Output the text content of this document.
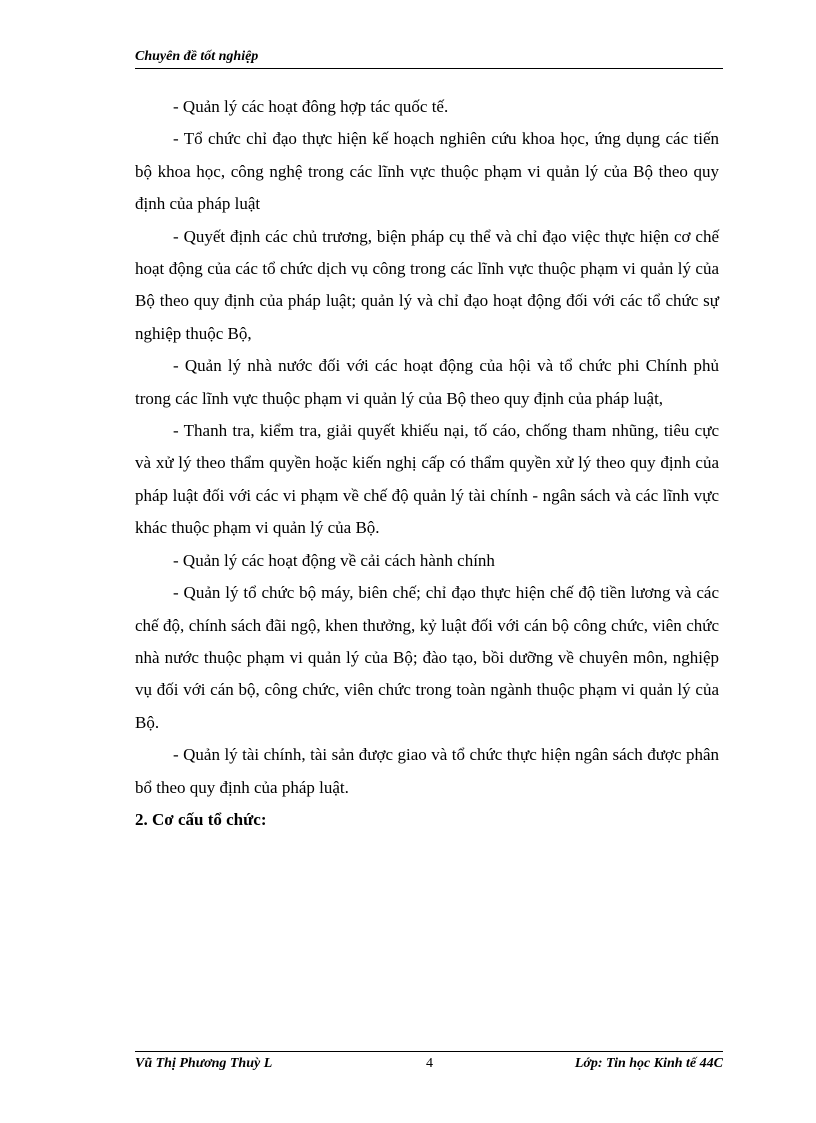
Chuyên đề tốt nghiệp

- Quản lý các hoạt đông hợp tác quốc tế.

- Tổ chức chỉ đạo thực hiện kế hoạch nghiên cứu khoa học, ứng dụng các tiến bộ khoa học, công nghệ trong các lĩnh vực thuộc phạm vi quản lý của Bộ theo quy định của pháp luật

- Quyết định các chủ trương, biện pháp cụ thể và chỉ đạo việc thực hiện cơ chế hoạt động của các tổ chức dịch vụ công trong các lĩnh vực thuộc phạm vi quản lý của Bộ theo quy định của pháp luật; quản lý và chỉ đạo hoạt động đối với các tổ chức sự nghiệp thuộc Bộ,

- Quản lý nhà nước đối với các hoạt động của hội và tổ chức phi Chính phủ trong các lĩnh vực thuộc phạm vi quản lý của Bộ theo quy định của pháp luật,

- Thanh tra, kiểm tra, giải quyết khiếu nại, tố cáo, chống tham nhũng, tiêu cực và xử lý theo thẩm quyền hoặc kiến nghị cấp có thẩm quyền xử lý theo quy định của pháp luật đối với các vi phạm về chế độ quản lý tài chính - ngân sách và các lĩnh vực khác thuộc phạm vi quản lý của Bộ.

- Quản lý các hoạt động về cải cách hành chính

- Quản lý tổ chức bộ máy, biên chế; chỉ đạo thực hiện chế độ tiền lương và các chế độ, chính sách đãi ngộ, khen thưởng, kỷ luật đối với cán bộ công chức, viên chức nhà nước thuộc phạm vi quản lý của Bộ; đào tạo, bồi dưỡng về chuyên môn, nghiệp vụ đối với cán bộ, công chức, viên chức trong toàn ngành thuộc phạm vi quản lý của Bộ.

- Quản lý tài chính, tài sản được giao và tổ chức thực hiện ngân sách được phân bổ theo quy định của pháp luật.

2. Cơ cấu tổ chức:

Vũ Thị Phương Thuỳ L	4	Lớp: Tin học Kinh tế 44C
